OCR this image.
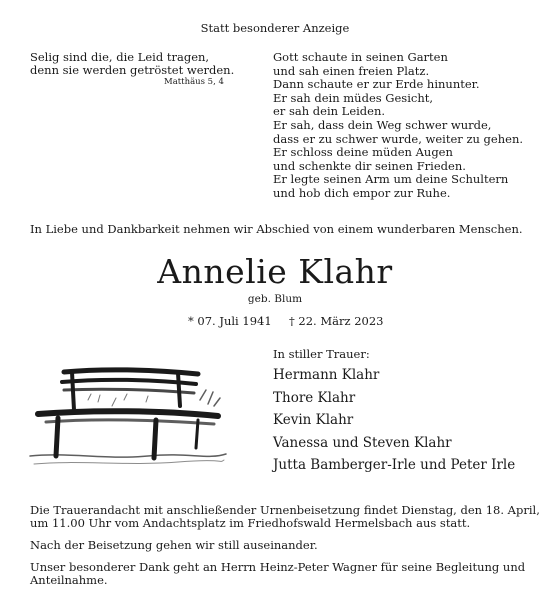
Statt besonderer Anzeige
Selig sind die, die Leid tragen,
denn sie werden getröstet werden.
Matthäus 5, 4
Gott schaute in seinen Garten
und sah einen freien Platz.
Dann schaute er zur Erde hinunter.
Er sah dein müdes Gesicht,
er sah dein Leiden.
Er sah, dass dein Weg schwer wurde,
dass er zu schwer wurde, weiter zu gehen.
Er schloss deine müden Augen
und schenkte dir seinen Frieden.
Er legte seinen Arm um deine Schultern
und hob dich empor zur Ruhe.
In Liebe und Dankbarkeit nehmen wir Abschied von einem wunderbaren Menschen.
Annelie Klahr
geb. Blum
* 07. Juli 1941 † 22. März 2023
In stiller Trauer:
Hermann Klahr
Thore Klahr
Kevin Klahr
Vanessa und Steven Klahr
Jutta Bamberger-Irle und Peter Irle
Die Trauerandacht mit anschließender Urnenbeisetzung findet Dienstag, den 18. April,
um 11.00 Uhr vom Andachtsplatz im Friedhofswald Hermelsbach aus statt.
Nach der Beisetzung gehen wir still auseinander.
Unser besonderer Dank geht an Herrn Heinz-Peter Wagner für seine Begleitung und
Anteilnahme.
